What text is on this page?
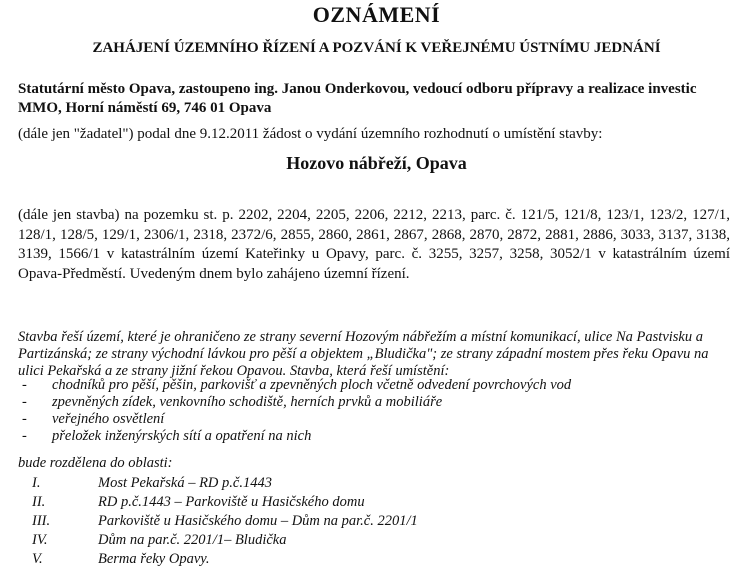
OZNÁMENÍ
ZAHÁJENÍ ÚZEMNÍHO ŘÍZENÍ A POZVÁNÍ K VEŘEJNÉMU ÚSTNÍMU JEDNÁNÍ
Statutární město Opava, zastoupeno ing. Janou Onderkovou, vedoucí odboru přípravy a realizace investic MMO, Horní náměstí 69, 746 01 Opava
(dále jen "žadatel") podal dne 9.12.2011 žádost o vydání územního rozhodnutí o umístění stavby:
Hozovo nábřeží, Opava
(dále jen stavba) na pozemku st. p. 2202, 2204, 2205, 2206, 2212, 2213, parc. č. 121/5, 121/8, 123/1, 123/2, 127/1, 128/1, 128/5, 129/1, 2306/1, 2318, 2372/6, 2855, 2860, 2861, 2867, 2868, 2870, 2872, 2881, 2886, 3033, 3137, 3138, 3139, 1566/1 v katastrálním území Kateřinky u Opavy, parc. č. 3255, 3257, 3258, 3052/1 v katastrálním území Opava-Předměstí. Uvedeným dnem bylo zahájeno územní řízení.
Stavba řeší území, které je ohraničeno ze strany severní Hozovým nábřežím a místní komunikací, ulice Na Pastvisku a Partizánská; ze strany východní lávkou pro pěší a objektem „Bludička"; ze strany západní mostem přes řeku Opavu na ulici Pekařská a ze strany jižní řekou Opavou. Stavba, která řeší umístění:
- chodníků pro pěší, pěšin, parkovišť a zpevněných ploch včetně odvedení povrchových vod
- zpevněných zídek, venkovního schodiště, herních prvků a mobiliáře
- veřejného osvětlení
- přeložek inženýrských sítí a opatření na nich
bude rozdělena do oblasti:
I.	Most Pekařská – RD p.č.1443
II.	RD p.č.1443 – Parkoviště u Hasičského domu
III.	Parkoviště u Hasičského domu – Dům na par.č. 2201/1
IV.	Dům na par.č. 2201/1– Bludička
V.	Berma řeky Opavy.
